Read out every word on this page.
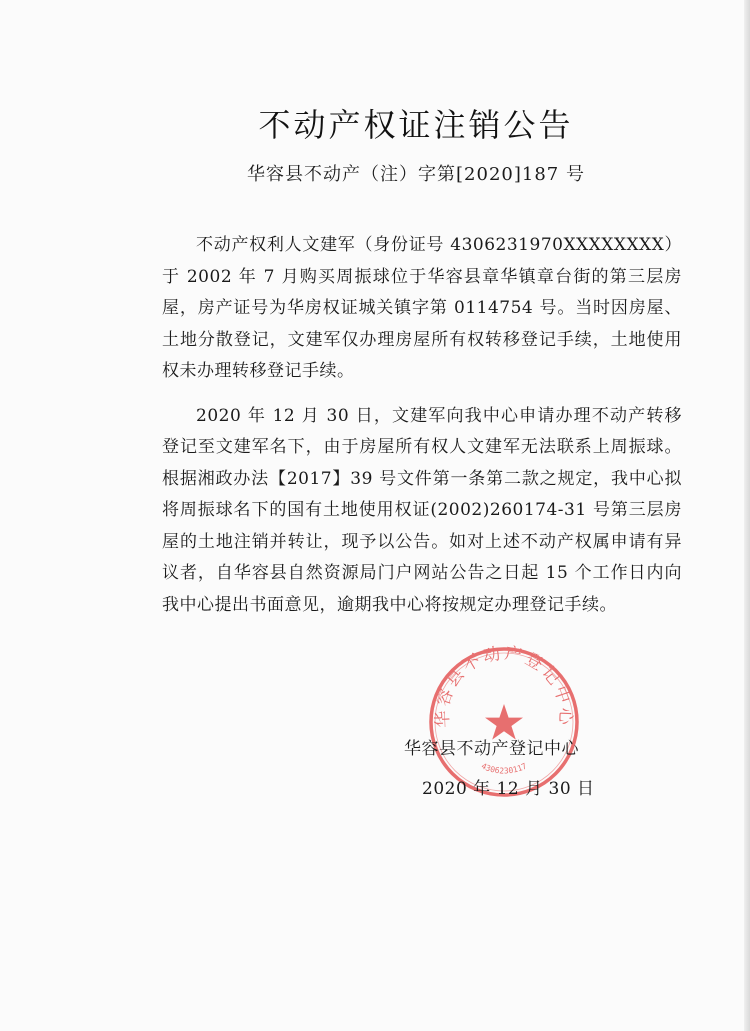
不动产权证注销公告
华容县不动产（注）字第[2020]187 号

不动产权利人文建军（身份证号 4306231970XXXXXXXX）于 2002 年 7 月购买周振球位于华容县章华镇章台街的第三层房屋，房产证号为华房权证城关镇字第 0114754 号。当时因房屋、土地分散登记，文建军仅办理房屋所有权转移登记手续，土地使用权未办理转移登记手续。

2020 年 12 月 30 日，文建军向我中心申请办理不动产转移登记至文建军名下，由于房屋所有权人文建军无法联系上周振球。根据湘政办法【2017】39 号文件第一条第二款之规定，我中心拟将周振球名下的国有土地使用权证(2002)260174-31 号第三层房屋的土地注销并转让，现予以公告。如对上述不动产权属申请有异议者，自华容县自然资源局门户网站公告之日起 15 个工作日内向我中心提出书面意见，逾期我中心将按规定办理登记手续。

华容县不动产登记中心
4306230117
华容县不动产登记中心
2020 年 12 月 30 日
